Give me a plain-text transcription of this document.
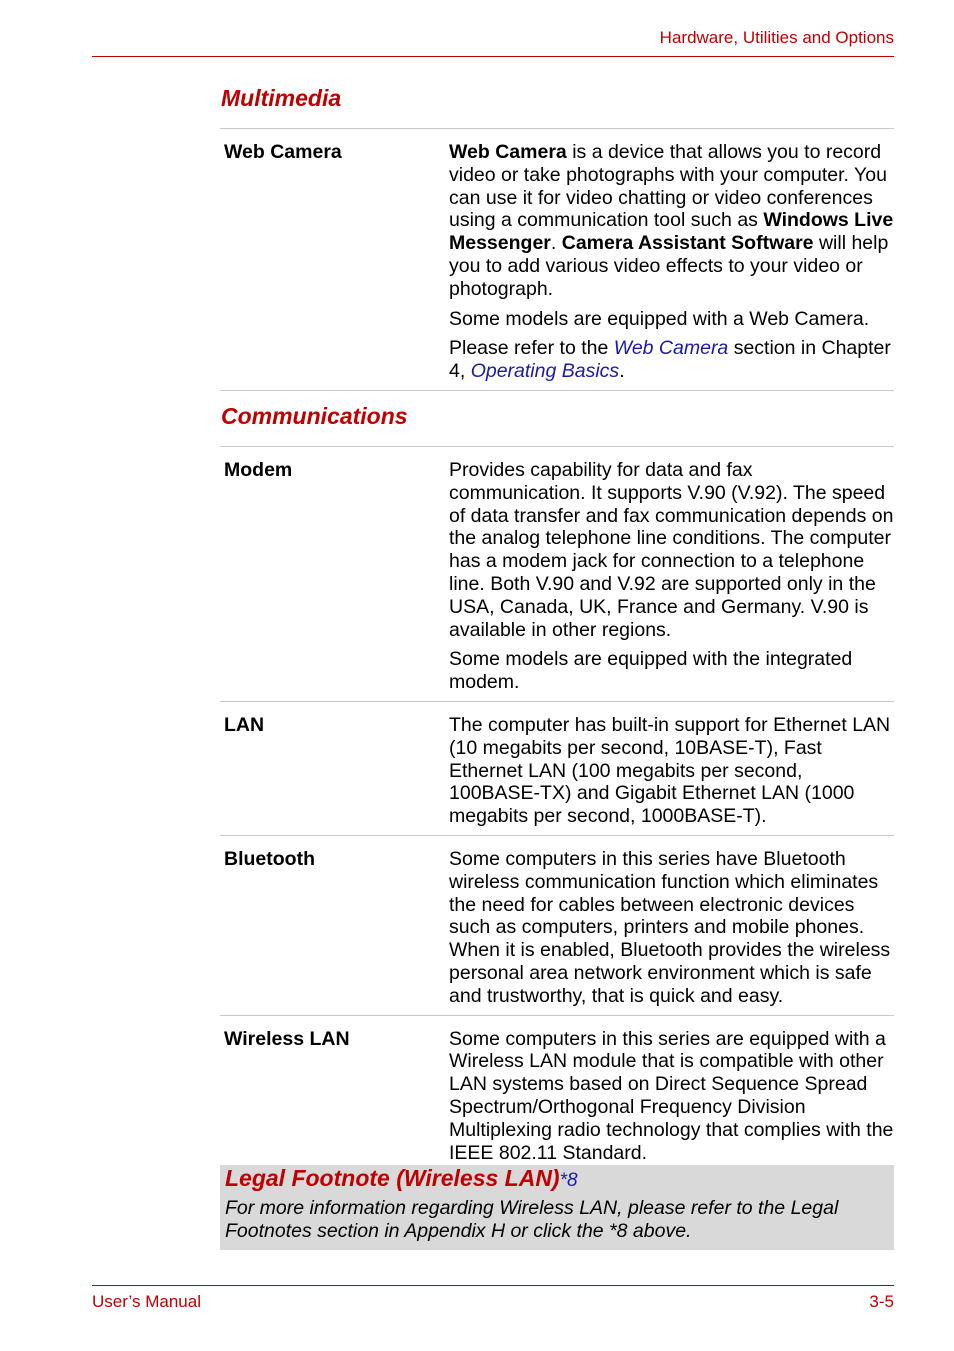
Hardware, Utilities and Options
Multimedia
Web Camera	Web Camera is a device that allows you to record video or take photographs with your computer. You can use it for video chatting or video conferences using a communication tool such as Windows Live Messenger. Camera Assistant Software will help you to add various video effects to your video or photograph.

Some models are equipped with a Web Camera.

Please refer to the Web Camera section in Chapter 4, Operating Basics.

Communications
Modem	Provides capability for data and fax communication. It supports V.90 (V.92). The speed of data transfer and fax communication depends on the analog telephone line conditions. The computer has a modem jack for connection to a telephone line. Both V.90 and V.92 are supported only in the USA, Canada, UK, France and Germany. V.90 is available in other regions.

Some models are equipped with the integrated modem.

LAN	The computer has built-in support for Ethernet LAN (10 megabits per second, 10BASE-T), Fast Ethernet LAN (100 megabits per second, 100BASE-TX) and Gigabit Ethernet LAN (1000 megabits per second, 1000BASE-T).

Bluetooth	Some computers in this series have Bluetooth wireless communication function which eliminates the need for cables between electronic devices such as computers, printers and mobile phones. When it is enabled, Bluetooth provides the wireless personal area network environment which is safe and trustworthy, that is quick and easy.

Wireless LAN	Some computers in this series are equipped with a Wireless LAN module that is compatible with other LAN systems based on Direct Sequence Spread Spectrum/Orthogonal Frequency Division Multiplexing radio technology that complies with the IEEE 802.11 Standard.

Legal Footnote (Wireless LAN)*8
For more information regarding Wireless LAN, please refer to the Legal Footnotes section in Appendix H or click the *8 above.
User’s Manual	3-5
